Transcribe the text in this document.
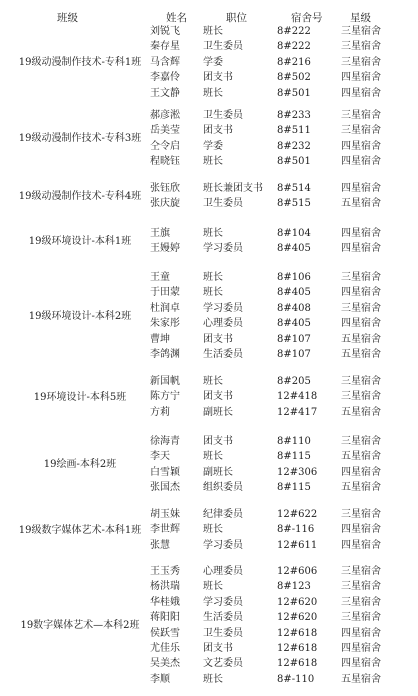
班级	姓名	职位	宿舍号	星级
19级动漫制作技术-专科1班
刘锐飞 班长	8#222	三星宿舍
秦存星 卫生委员	8#222	三星宿舍
马含辉 学委	8#216	三星宿舍
李嘉伶 团支书	8#502	四星宿舍
王文静 班长	8#501	四星宿舍
19级动漫制作技术-专科3班
郝彦淞 卫生委员	8#233	三星宿舍
岳美莹 团支书	8#511	三星宿舍
仝令启 学委	8#232	四星宿舍
程晓钰 班长	8#501	四星宿舍
19级动漫制作技术-专科4班
张钰欣 班长兼团支书 8#514	四星宿舍
张庆旋 卫生委员	8#515	五星宿舍
19级环境设计-本科1班
王旗	班长	8#104	四星宿舍
王嫚婷 学习委员	8#405	四星宿舍
19级环境设计-本科2班
王童	班长	8#106	三星宿舍
于田蒙 班长	8#405	四星宿舍
杜润卓 学习委员	8#408	三星宿舍
朱家彤 心理委员	8#405	四星宿舍
曹坤	团支书	8#107	五星宿舍
李鸽渊 生活委员	8#107	五星宿舍
19环境设计-本科5班
新国帆 班长	8#205	三星宿舍
陈方宁 团支书	12#418 三星宿舍
方莉	副班长	12#417 五星宿舍
19绘画-本科2班
徐海青 团支书	8#110	三星宿舍
李天	班长	8#115	五星宿舍
白雪颖 副班长	12#306 四星宿舍
张国杰 组织委员	8#115	五星宿舍
19级数字媒体艺术-本科1班
胡玉妹 纪律委员	12#622 三星宿舍
李世辉 班长	8#-116	四星宿舍
张慧	学习委员	12#611 四星宿舍
19数字媒体艺术—本科2班
王玉秀 心理委员	12#606 三星宿舍
杨洪瑞 班长	8#123	三星宿舍
华桂娥 学习委员	12#620 三星宿舍
蒋阳阳 生活委员	12#620 三星宿舍
侯跃雪 卫生委员	12#618 四星宿舍
尤佳乐 团支书	12#618 四星宿舍
吴美杰 文艺委员	12#618 四星宿舍
李顺	班长	8#-110	五星宿舍
